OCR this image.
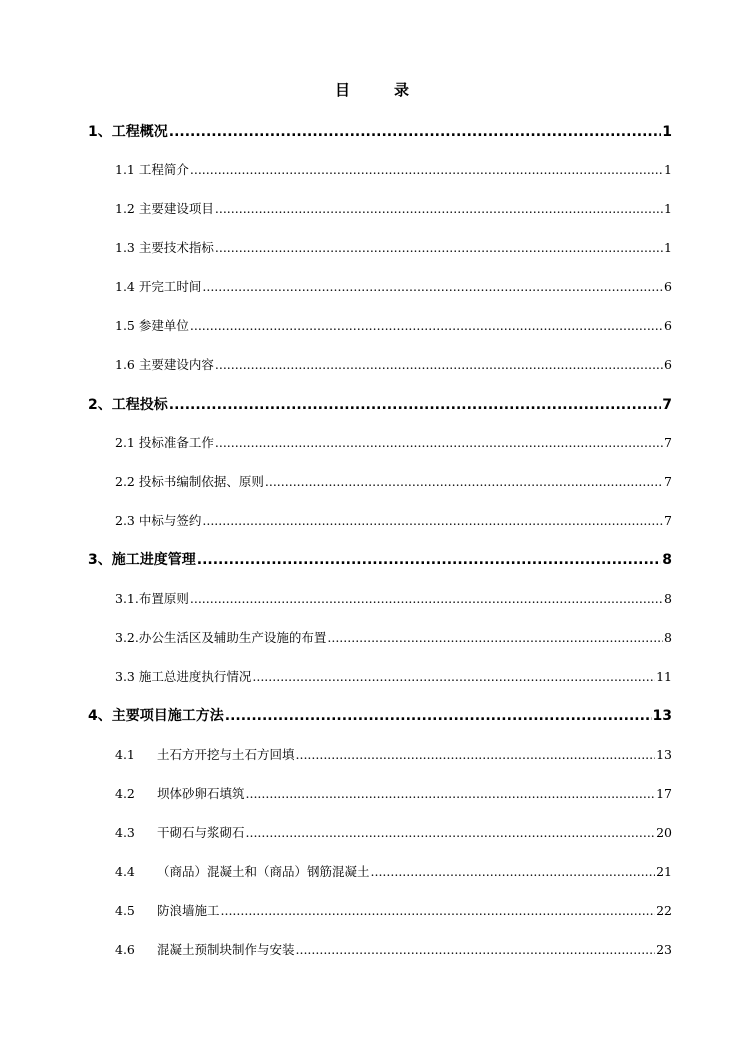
目	录
1、工程概况 .....	1
1.1 工程简介 .....	1
1.2 主要建设项目 .....	1
1.3 主要技术指标 .....	1
1.4 开完工时间 .....	6
1.5 参建单位 .....	6
1.6 主要建设内容 .....	6
2、工程投标 .....	7
2.1 投标准备工作 .....	7
2.2 投标书编制依据、原则 .....	7
2.3 中标与签约 .....	7
3、施工进度管理 .....	8
3.1.布置原则 .....	8
3.2.办公生活区及辅助生产设施的布置 .....	8
3.3 施工总进度执行情况 .....	11
4、主要项目施工方法 .....	13
4.1 土石方开挖与土石方回填 .....	13
4.2 坝体砂卵石填筑 .....	17
4.3 干砌石与浆砌石 .....	20
4.4 （商品）混凝土和（商品）钢筋混凝土 .....	21
4.5 防浪墙施工 .....	22
4.6 混凝土预制块制作与安装 .....	23
